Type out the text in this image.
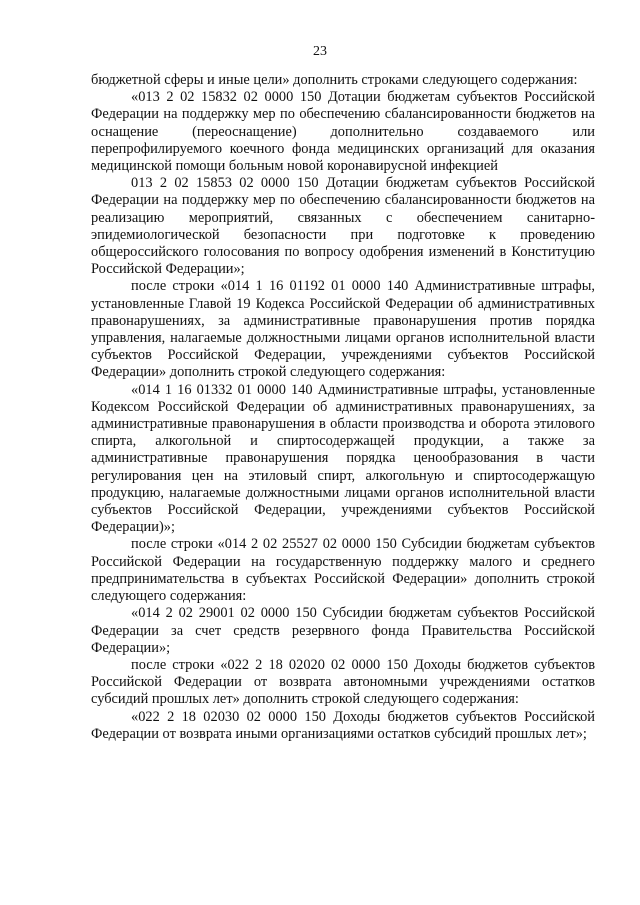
23

бюджетной сферы и иные цели» дополнить строками следующего содержания:

«013 2 02 15832 02 0000 150 Дотации бюджетам субъектов Российской Федерации на поддержку мер по обеспечению сбалансированности бюджетов на оснащение (переоснащение) дополнительно создаваемого или перепрофилируемого коечного фонда медицинских организаций для оказания медицинской помощи больным новой коронавирусной инфекцией

013 2 02 15853 02 0000 150 Дотации бюджетам субъектов Российской Федерации на поддержку мер по обеспечению сбалансированности бюджетов на реализацию мероприятий, связанных с обеспечением санитарно-эпидемиологической безопасности при подготовке к проведению общероссийского голосования по вопросу одобрения изменений в Конституцию Российской Федерации»;

после строки «014 1 16 01192 01 0000 140 Административные штрафы, установленные Главой 19 Кодекса Российской Федерации об административных правонарушениях, за административные правонарушения против порядка управления, налагаемые должностными лицами органов исполнительной власти субъектов Российской Федерации, учреждениями субъектов Российской Федерации» дополнить строкой следующего содержания:

«014 1 16 01332 01 0000 140 Административные штрафы, установленные Кодексом Российской Федерации об административных правонарушениях, за административные правонарушения в области производства и оборота этилового спирта, алкогольной и спиртосодержащей продукции, а также за административные правонарушения порядка ценообразования в части регулирования цен на этиловый спирт, алкогольную и спиртосодержащую продукцию, налагаемые должностными лицами органов исполнительной власти субъектов Российской Федерации, учреждениями субъектов Российской Федерации)»;

после строки «014 2 02 25527 02 0000 150 Субсидии бюджетам субъектов Российской Федерации на государственную поддержку малого и среднего предпринимательства в субъектах Российской Федерации» дополнить строкой следующего содержания:

«014 2 02 29001 02 0000 150 Субсидии бюджетам субъектов Российской Федерации за счет средств резервного фонда Правительства Российской Федерации»;

после строки «022 2 18 02020 02 0000 150 Доходы бюджетов субъектов Российской Федерации от возврата автономными учреждениями остатков субсидий прошлых лет» дополнить строкой следующего содержания:

«022 2 18 02030 02 0000 150 Доходы бюджетов субъектов Российской Федерации от возврата иными организациями остатков субсидий прошлых лет»;
